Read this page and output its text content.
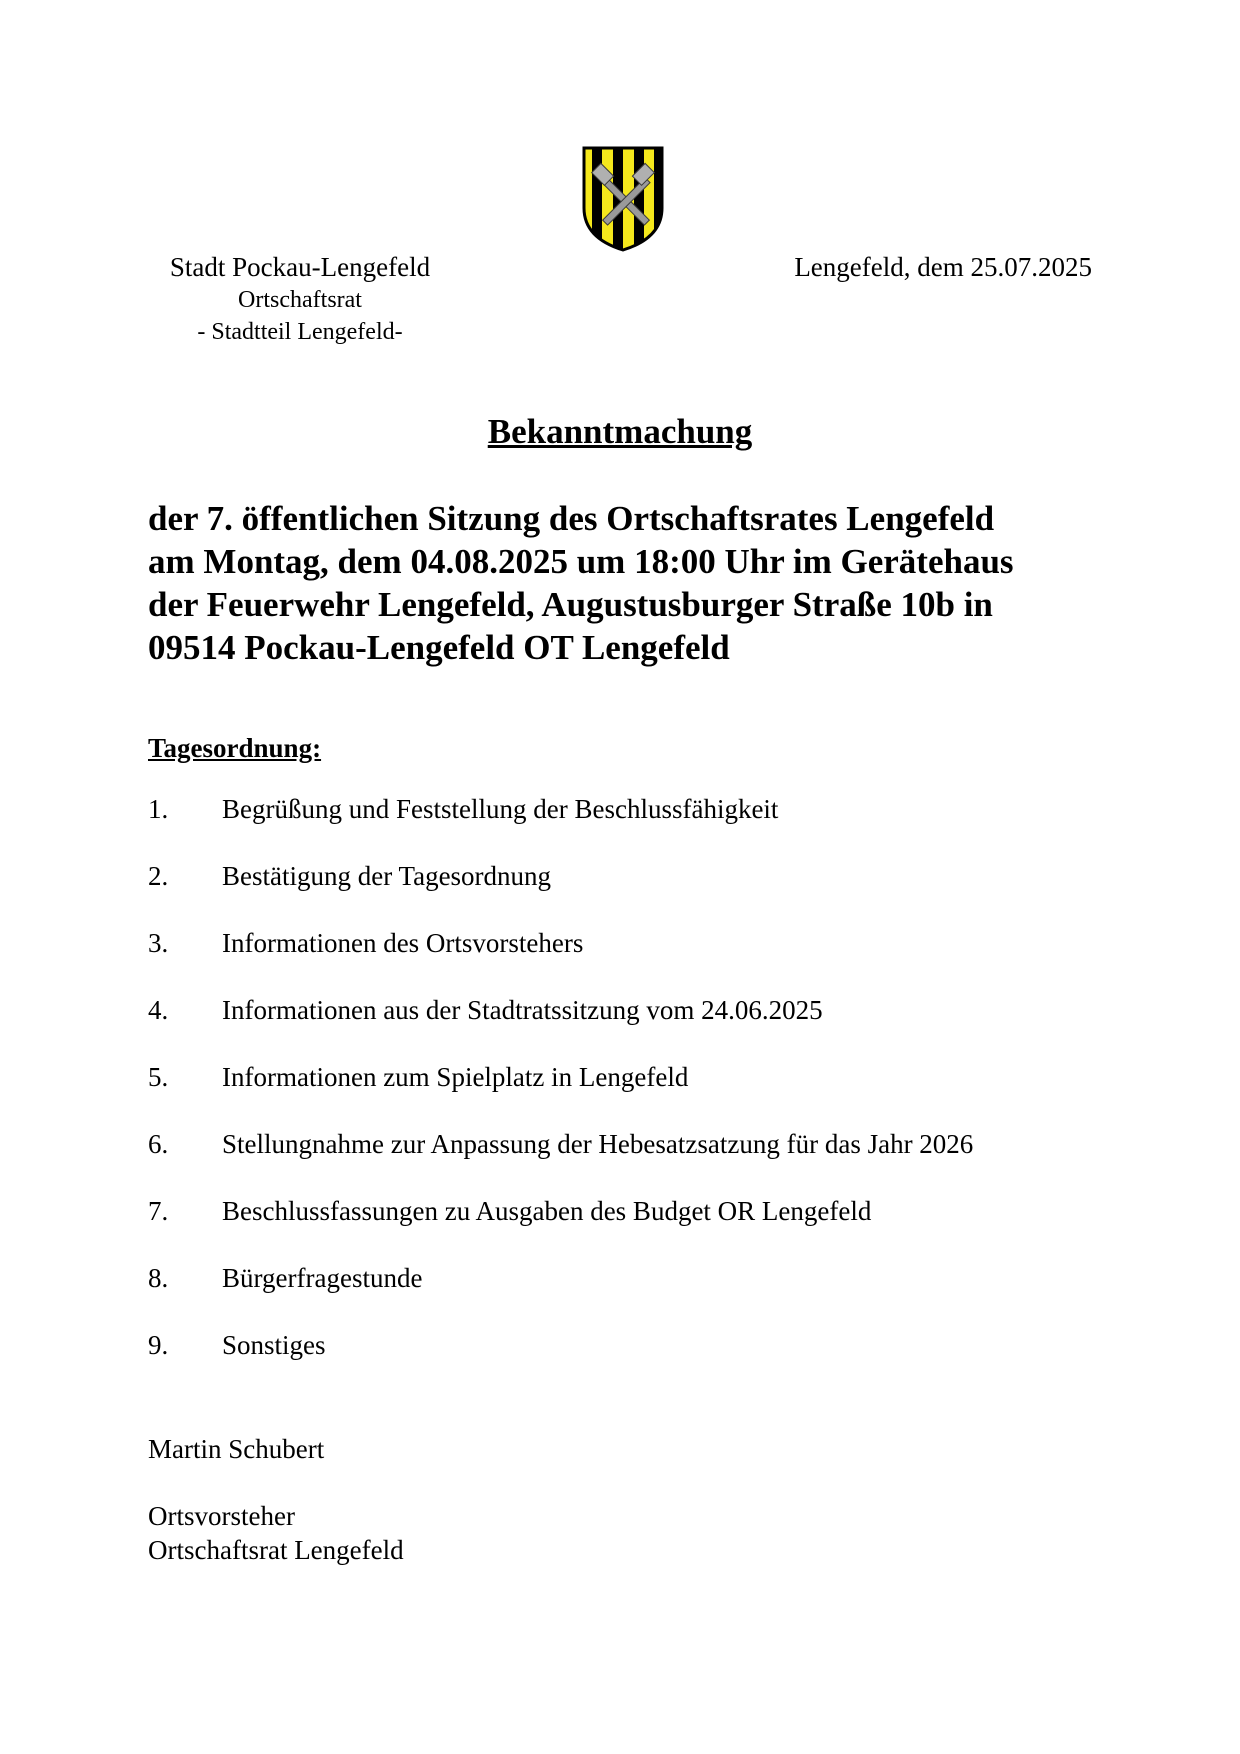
Stadt Pockau-Lengefeld
Ortschaftsrat
- Stadtteil Lengefeld-
Lengefeld, dem 25.07.2025
Bekanntmachung
der 7. öffentlichen Sitzung des Ortschaftsrates Lengefeld
am Montag, dem 04.08.2025 um 18:00 Uhr im Gerätehaus
der Feuerwehr Lengefeld, Augustusburger Straße 10b in
09514 Pockau-Lengefeld OT Lengefeld
Tagesordnung:
1. Begrüßung und Feststellung der Beschlussfähigkeit
2. Bestätigung der Tagesordnung
3. Informationen des Ortsvorstehers
4. Informationen aus der Stadtratssitzung vom 24.06.2025
5. Informationen zum Spielplatz in Lengefeld
6. Stellungnahme zur Anpassung der Hebesatzsatzung für das Jahr 2026
7. Beschlussfassungen zu Ausgaben des Budget OR Lengefeld
8. Bürgerfragestunde
9. Sonstiges
Martin Schubert
Ortsvorsteher
Ortschaftsrat Lengefeld
